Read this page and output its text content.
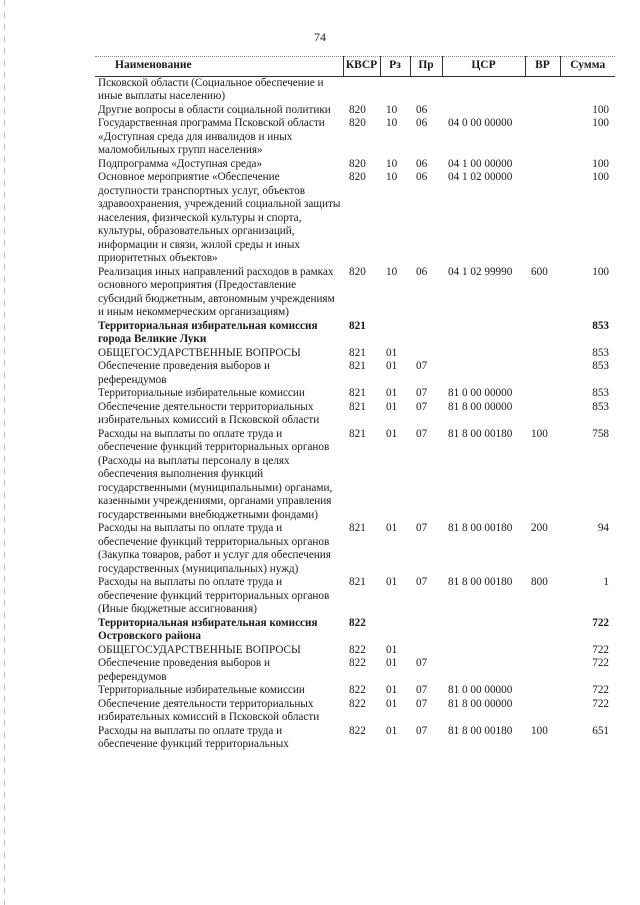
74
Наименование	КВСР	Рз	Пр	ЦСР	ВР	Сумма
Псковской области (Социальное обеспечение и иные выплаты населению)						
Другие вопросы в области социальной политики	820	10	06			100
Государственная программа Псковской области «Доступная среда для инвалидов и иных маломобильных групп населения»	820	10	06	04 0 00 00000		100
Подпрограмма «Доступная среда»	820	10	06	04 1 00 00000		100
Основное мероприятие «Обеспечение доступности транспортных услуг, объектов здравоохранения, учреждений социальной защиты населения, физической культуры и спорта, культуры, образовательных организаций, информации и связи, жилой среды и иных приоритетных объектов»	820	10	06	04 1 02 00000		100
Реализация иных направлений расходов в рамках основного мероприятия (Предоставление субсидий бюджетным, автономным учреждениям и иным некоммерческим организациям)	820	10	06	04 1 02 99990	600	100
Территориальная избирательная комиссия города Великие Луки	821					853
ОБЩЕГОСУДАРСТВЕННЫЕ ВОПРОСЫ	821	01				853
Обеспечение проведения выборов и референдумов	821	01	07			853
Территориальные избирательные комиссии	821	01	07	81 0 00 00000		853
Обеспечение деятельности территориальных избирательных комиссий в Псковской области	821	01	07	81 8 00 00000		853
Расходы на выплаты по оплате труда и обеспечение функций территориальных органов (Расходы на выплаты персоналу в целях обеспечения выполнения функций государственными (муниципальными) органами, казенными учреждениями, органами управления государственными внебюджетными фондами)	821	01	07	81 8 00 00180	100	758
Расходы на выплаты по оплате труда и обеспечение функций территориальных органов (Закупка товаров, работ и услуг для обеспечения государственных (муниципальных) нужд)	821	01	07	81 8 00 00180	200	94
Расходы на выплаты по оплате труда и обеспечение функций территориальных органов (Иные бюджетные ассигнования)	821	01	07	81 8 00 00180	800	1
Территориальная избирательная комиссия Островского района	822					722
ОБЩЕГОСУДАРСТВЕННЫЕ ВОПРОСЫ	822	01				722
Обеспечение проведения выборов и референдумов	822	01	07			722
Территориальные избирательные комиссии	822	01	07	81 0 00 00000		722
Обеспечение деятельности территориальных избирательных комиссий в Псковской области	822	01	07	81 8 00 00000		722
Расходы на выплаты по оплате труда и обеспечение функций территориальных	822	01	07	81 8 00 00180	100	651
